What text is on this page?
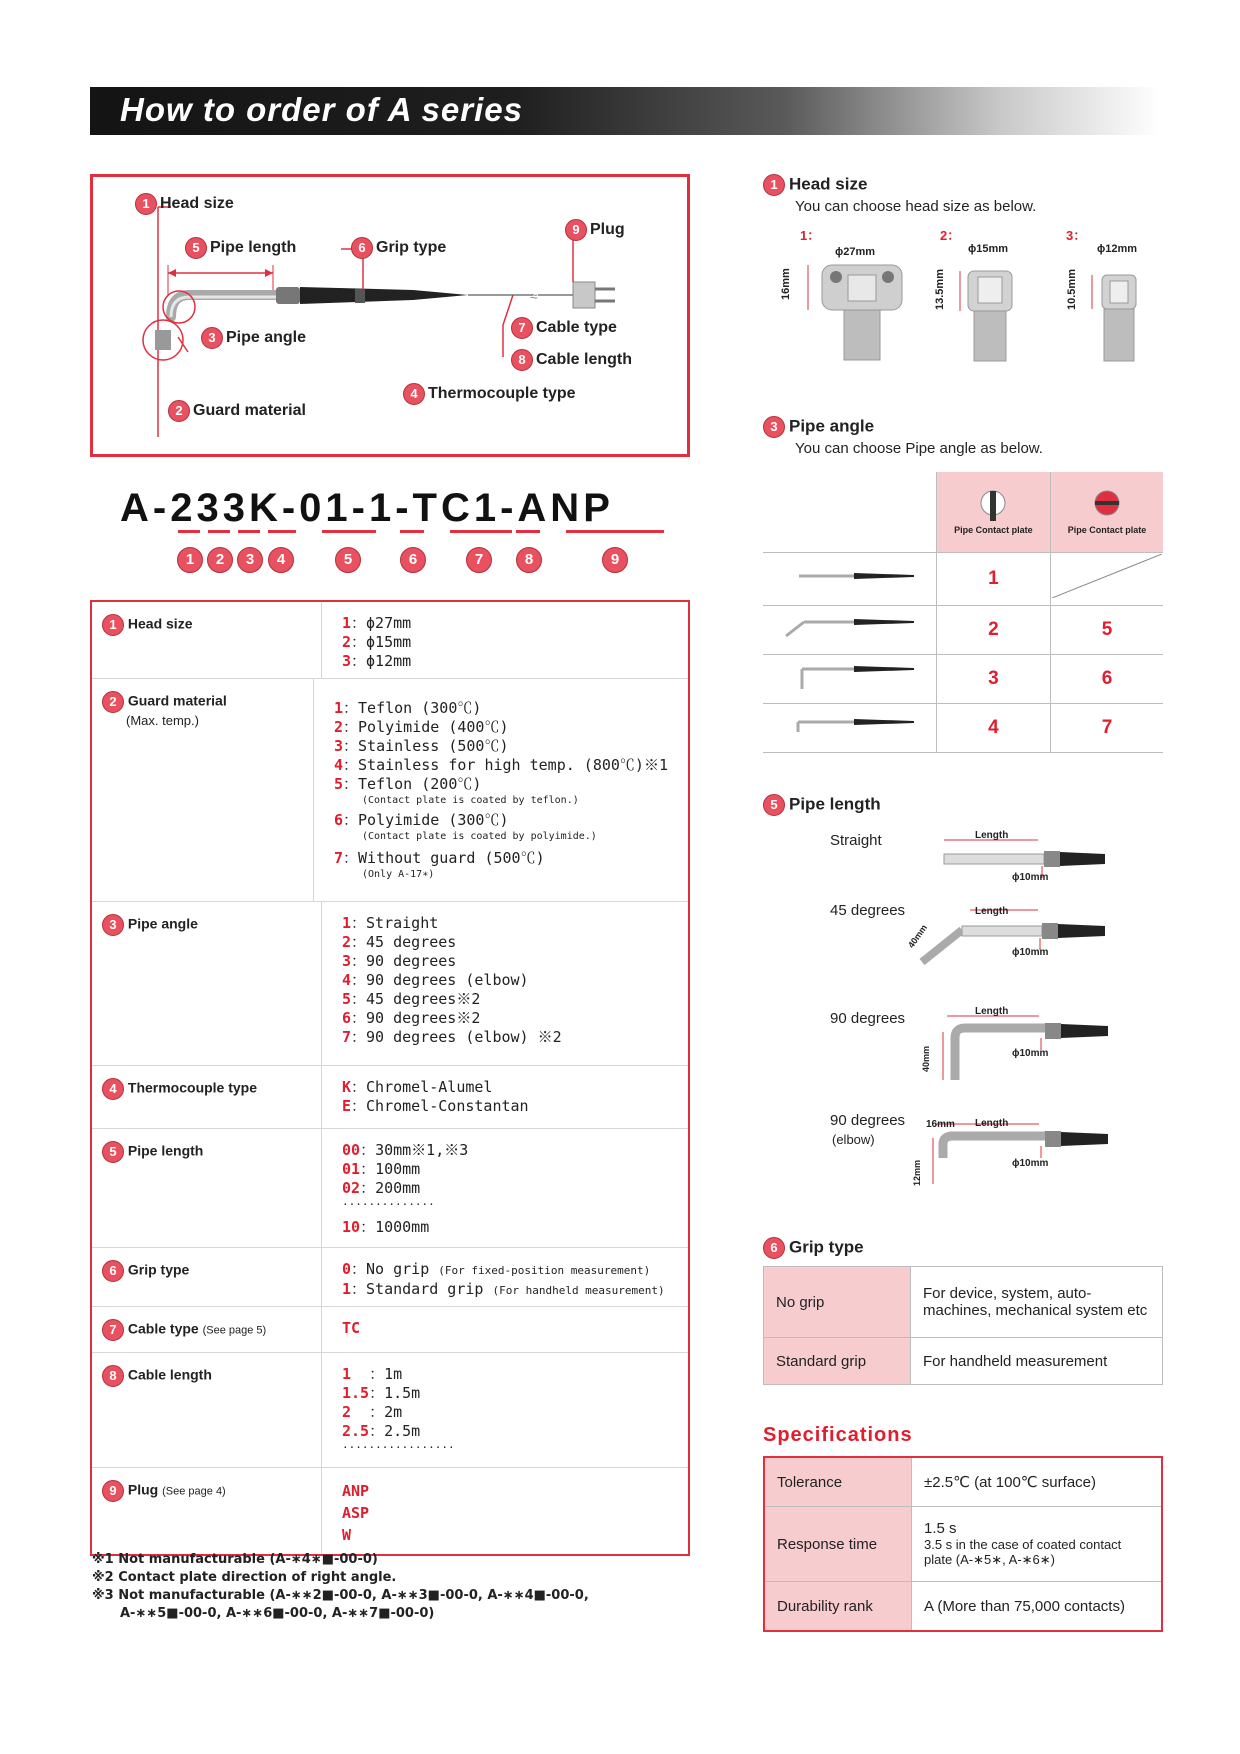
How to order of A series
≈
1 Head size
5 Pipe length	6 Grip type
9 Plug
3 Pipe angle
7 Cable type
8 Cable length
4 Thermocouple type
2 Guard material
A-233K-01-1-TC1-ANP
1	2	3	4	5	6	7	8	9
1 Head size	1：ϕ27mm
2：ϕ15mm
3：ϕ12mm
2 Guard material
(Max. temp.)
1：Teflon (300℃)
2：Polyimide (400℃)
3：Stainless (500℃)
4：Stainless for high temp. (800℃)※1
5：Teflon (200℃)
(Contact plate is coated by teflon.)
6：Polyimide (300℃)
(Contact plate is coated by polyimide.)
7：Without guard (500℃)
(Only A-17∗)
3 Pipe angle	1：Straight
2：45 degrees
3：90 degrees
4：90 degrees (elbow)
5：45 degrees※2
6：90 degrees※2
7：90 degrees (elbow) ※2
4 Thermocouple type	K：Chromel-Alumel
E：Chromel-Constantan
5 Pipe length	00：30mm※1,※3
01：100mm
02：200mm
··············
10：1000mm
6 Grip type	0：No grip (For fixed-position measurement)
1：Standard grip (For handheld measurement)
7 Cable type (See page 5)	TC
8 Cable length	1  ：1m
1.5：1.5m
2  ：2m
2.5：2.5m
·················
9 Plug (See page 4)	ANP
ASP
W
※1 Not manufacturable (A-∗4∗■-00-0)
※2 Contact plate direction of right angle.
※3 Not manufacturable (A-∗∗2■-00-0, A-∗∗3■-00-0, A-∗∗4■-00-0,
A-∗∗5■-00-0, A-∗∗6■-00-0, A-∗∗7■-00-0)
1 Head size
You can choose head size as below.
1：	2：	3：
ϕ27mm	ϕ15mm	ϕ12mm
16mm	13.5mm	10.5mm
3 Pipe angle
You can choose Pipe angle as below.

Pipe Contact plate	Pipe Contact plate
	1	
	2	5
	3	6
	4	7
5 Pipe length
Straight
45 degrees
90 degrees
90 degrees
(elbow)
Length
ϕ10mm
Length
ϕ10mm
40mm
Length
ϕ10mm
40mm
16mm Length
ϕ10mm
12mm
6 Grip type
No grip	For device, system, auto-machines, mechanical system etc
Standard grip	For handheld measurement
Specifications
Tolerance	±2.5℃ (at 100℃ surface)
Response time	1.5 s
3.5 s in the case of coated contact plate (A-∗5∗, A-∗6∗)

Durability rank	A (More than 75,000 contacts)
